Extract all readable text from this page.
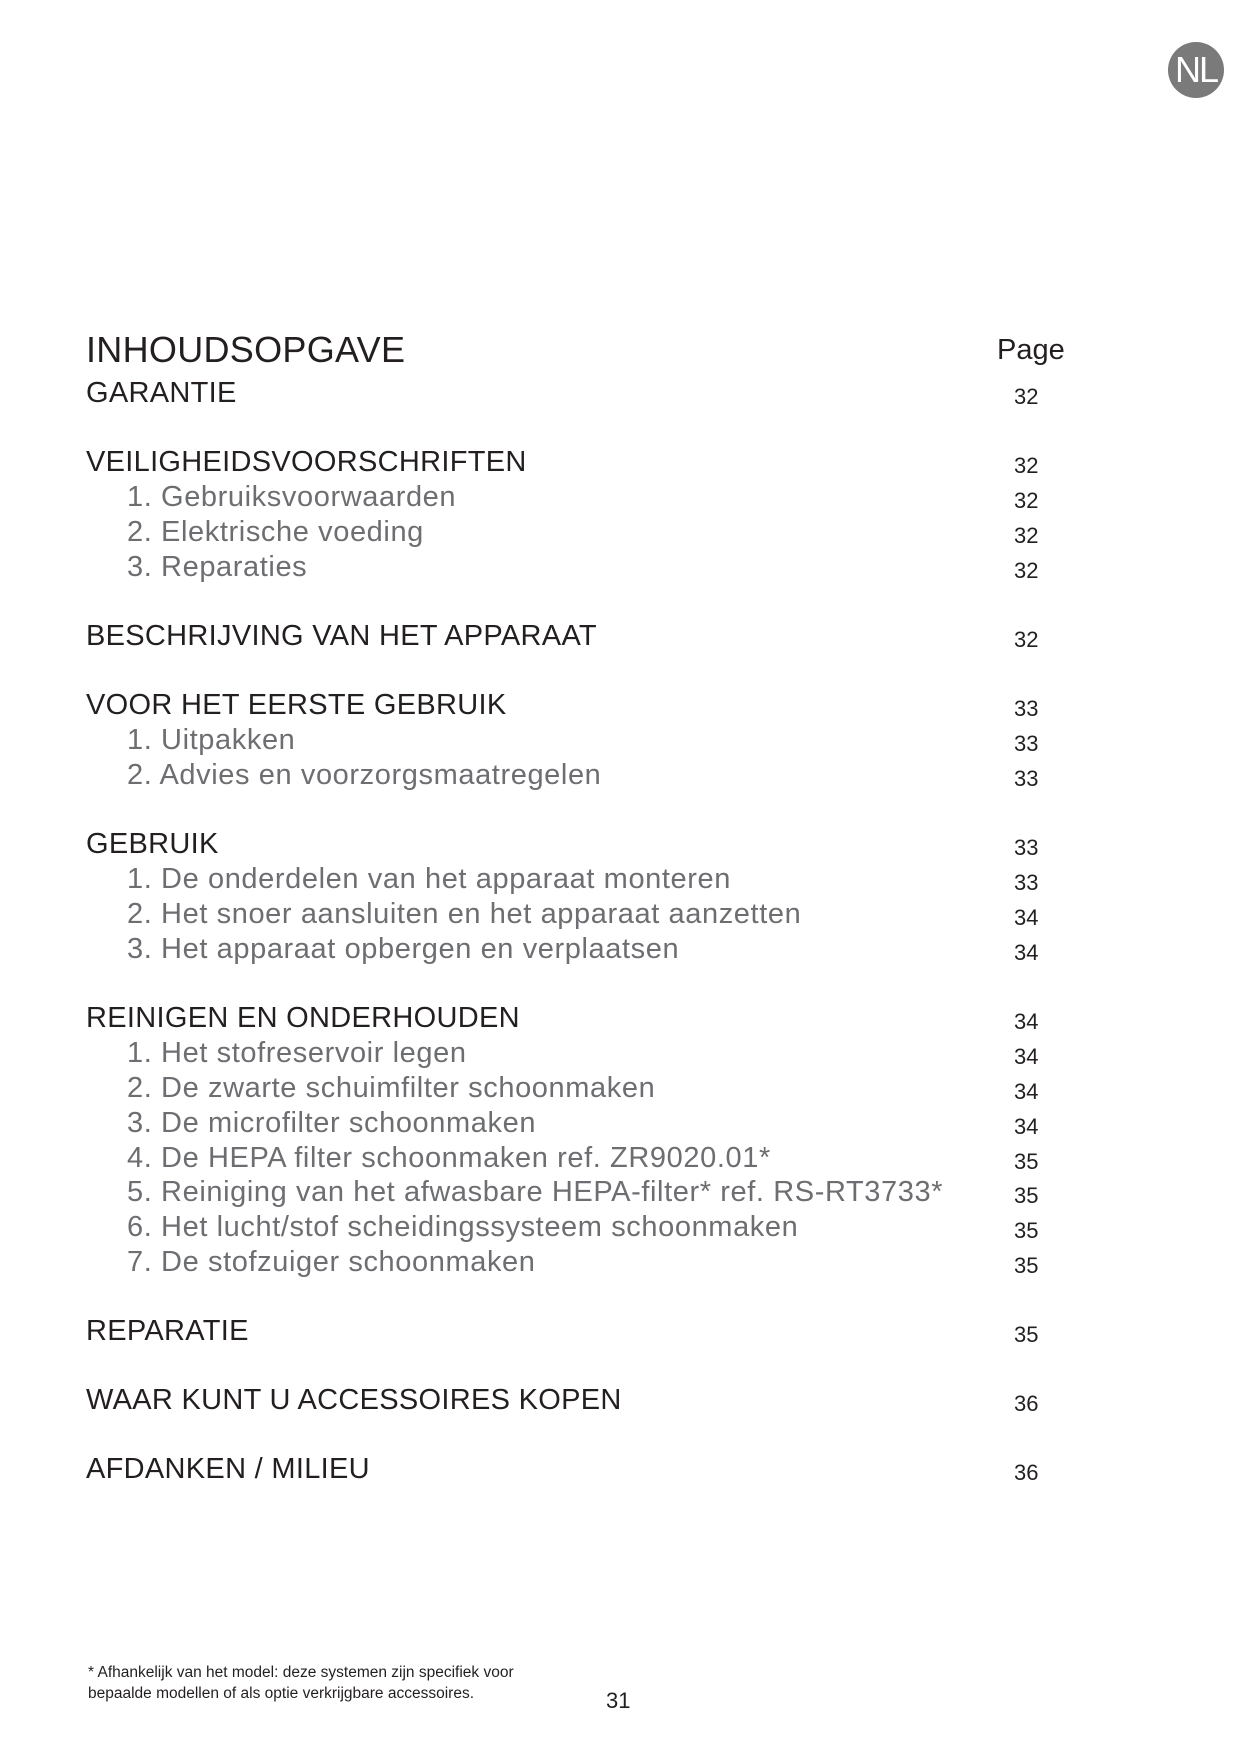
NL
INHOUDSOPGAVE	Page
GARANTIE	32
VEILIGHEIDSVOORSCHRIFTEN	32
1. Gebruiksvoorwaarden	32
2. Elektrische voeding	32
3. Reparaties	32
BESCHRIJVING VAN HET APPARAAT	32
VOOR HET EERSTE GEBRUIK	33
1. Uitpakken	33
2. Advies en voorzorgsmaatregelen	33
GEBRUIK	33
1. De onderdelen van het apparaat monteren	33
2. Het snoer aansluiten en het apparaat aanzetten	34
3. Het apparaat opbergen en verplaatsen	34
REINIGEN EN ONDERHOUDEN	34
1. Het stofreservoir legen	34
2. De zwarte schuimfilter schoonmaken	34
3. De microfilter schoonmaken	34
4. De HEPA filter schoonmaken ref. ZR9020.01*	35
5. Reiniging van het afwasbare HEPA-filter* ref. RS-RT3733*	35
6. Het lucht/stof scheidingssysteem schoonmaken	35
7. De stofzuiger schoonmaken	35
REPARATIE	35
WAAR KUNT U ACCESSOIRES KOPEN	36
AFDANKEN / MILIEU	36
* Afhankelijk van het model: deze systemen zijn specifiek voor
bepaalde modellen of als optie verkrijgbare accessoires.	31
